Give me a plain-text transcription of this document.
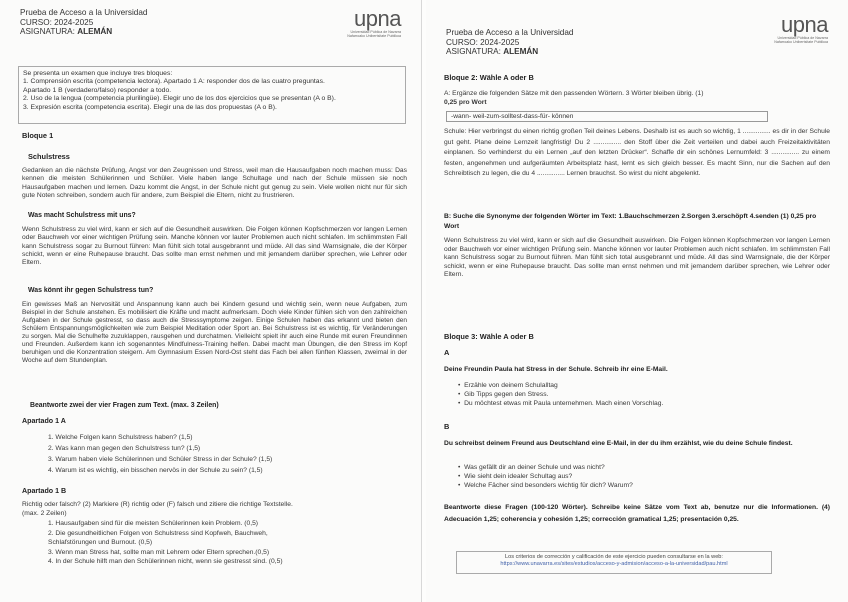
Prueba de Acceso a la Universidad
CURSO: 2024-2025
ASIGNATURA: ALEMÁN
upna
Universidad Pública de Navarra
Nafarroako Unibertsitate Publikoa

Se presenta un examen que incluye tres bloques:

1. Comprensión escrita (competencia lectora). Apartado 1 A: responder dos de las cuatro preguntas.

Apartado 1 B (verdadero/falso) responder a todo.

2. Uso de la lengua (competencia plurilingüe). Elegir uno de los dos ejercicios que se presentan (A o B).

3. Expresión escrita (competencia escrita). Elegir una de las dos propuestas (A o B).

Bloque 1
Schulstress
Gedanken an die nächste Prüfung, Angst vor den Zeugnissen und Stress, weil man die Hausaufgaben noch machen muss: Das kennen die meisten Schülerinnen und Schüler. Viele haben lange Schultage und nach der Schule müssen sie noch Hausaufgaben machen und lernen. Dazu kommt die Angst, in der Schule nicht gut genug zu sein. Viele wollen nicht nur für sich gute Noten schreiben, sondern auch für andere, zum Beispiel die Eltern, nicht zu frustrieren.
Was macht Schulstress mit uns?
Wenn Schulstress zu viel wird, kann er sich auf die Gesundheit auswirken. Die Folgen können Kopfschmerzen vor langen Lernen oder Bauchweh vor einer wichtigen Prüfung sein. Manche können vor lauter Problemen auch nicht schlafen. Im schlimmsten Fall kann Schulstress sogar zu Burnout führen: Man fühlt sich total ausgebrannt und müde. All das sind Warnsignale, die der Körper schickt, wenn er eine Ruhepause braucht. Das sollte man ernst nehmen und mit jemandem darüber sprechen, wie Lehrer oder Eltern.
Was könnt ihr gegen Schulstress tun?
Ein gewisses Maß an Nervosität und Anspannung kann auch bei Kindern gesund und wichtig sein, wenn neue Aufgaben, zum Beispiel in der Schule anstehen. Es mobilisiert die Kräfte und macht aufmerksam. Doch viele Kinder fühlen sich von den zahlreichen Aufgaben in der Schule gestresst, so dass auch die Stresssymptome zeigen. Einige Schulen haben das erkannt und bieten den Schülern Entspannungsmöglichkeiten wie zum Beispiel Meditation oder Sport an. Bei Schulstress ist es wichtig, für Veränderungen zu sorgen. Mal die Schulhefte zuzuklappen, rausgehen und durchatmen. Vielleicht spielt ihr auch eine Runde mit euren Freundinnen und Freunden. Außerdem kann ich sogenanntes Mindfulness-Training helfen. Dabei macht man Übungen, die den Stress im Kopf beruhigen und die Konzentration steigern. Am Gymnasium Essen Nord-Ost steht das Fach bei allen fünften Klassen, zweimal in der Woche auf dem Stundenplan.
Beantworte zwei der vier Fragen zum Text. (max. 3 Zeilen)
Apartado 1 A
1. Welche Folgen kann Schulstress haben? (1,5)
2. Was kann man gegen den Schulstress tun? (1,5)
3. Warum haben viele Schülerinnen und Schüler Stress in der Schule? (1,5)
4. Warum ist es wichtig, ein bisschen nervös in der Schule zu sein? (1,5)
Apartado 1 B
Richtig oder falsch? (2) Markiere (R) richtig oder (F) falsch und zitiere die richtige Textstelle.
(max. 2 Zeilen)
1. Hausaufgaben sind für die meisten Schülerinnen kein Problem. (0,5)
2. Die gesundheitlichen Folgen von Schulstress sind Kopfweh, Bauchweh,
Schlafstörungen und Burnout. (0,5)
3. Wenn man Stress hat, sollte man mit Lehrern oder Eltern sprechen.(0,5)
4. In der Schule hilft man den Schülerinnen nicht, wenn sie gestresst sind. (0,5)
Prueba de Acceso a la Universidad
CURSO: 2024-2025
ASIGNATURA: ALEMÁN
upna
Universidad Pública de Navarra
Nafarroako Unibertsitate Publikoa
Bloque 2: Wähle A oder B
A: Ergänze die folgenden Sätze mit den passenden Wörtern. 3 Wörter bleiben übrig. (1)
0,25 pro Wort
-wann- weil-zum-solltest-dass-für- können
Schule: Hier verbringst du einen richtig großen Teil deines Lebens. Deshalb ist es auch so wichtig, 1 ............... es dir in der Schule gut geht. Plane deine Lernzeit langfristig! Du 2 ............... den Stoff über die Zeit verteilen und dabei auch Freizeitaktivitäten einplanen. So verhinderst du ein Lernen „auf den letzten Drücker“. Schaffe dir ein schönes Lernumfeld: 3 ............... zu einem festen, angenehmen und aufgeräumten Arbeitsplatz hast, lernt es sich gleich besser. Es macht Sinn, nur die Sachen auf den Schreibtisch zu legen, die du 4 ............... Lernen brauchst. So wirst du nicht abgelenkt.
B: Suche die Synonyme der folgenden Wörter im Text: 1.Bauchschmerzen 2.Sorgen 3.erschöpft 4.senden (1) 0,25 pro Wort
Wenn Schulstress zu viel wird, kann er sich auf die Gesundheit auswirken. Die Folgen können Kopfschmerzen vor langen Lernen oder Bauchweh vor einer wichtigen Prüfung sein. Manche können vor lauter Problemen auch nicht schlafen. Im schlimmsten Fall kann Schulstress sogar zu Burnout führen. Man fühlt sich total ausgebrannt und müde. All das sind Warnsignale, die der Körper schickt, wenn er eine Ruhepause braucht. Das sollte man ernst nehmen und mit jemandem darüber sprechen, wie Lehrer oder Eltern.
Bloque 3: Wähle A oder B
A
Deine Freundin Paula hat Stress in der Schule. Schreib ihr eine E-Mail.
•  Erzähle von deinem Schulalltag
•  Gib Tipps gegen den Stress.
•  Du möchtest etwas mit Paula unternehmen. Mach einen Vorschlag.
B
Du schreibst deinem Freund aus Deutschland eine E-Mail, in der du ihm erzählst, wie du deine Schule findest.
•  Was gefällt dir an deiner Schule und was nicht?
•  Wie sieht dein idealer Schultag aus?
•  Welche Fächer sind besonders wichtig für dich? Warum?
Beantworte diese Fragen (100-120 Wörter). Schreibe keine Sätze vom Text ab, benutze nur die Informationen. (4) Adecuación 1,25; coherencia y cohesión 1,25; corrección gramatical 1,25; presentación 0,25.
Los criterios de corrección y calificación de este ejercicio pueden consultarse en la web:
https://www.unavarra.es/sites/estudios/acceso-y-admision/acceso-a-la-universidad/pau.html
